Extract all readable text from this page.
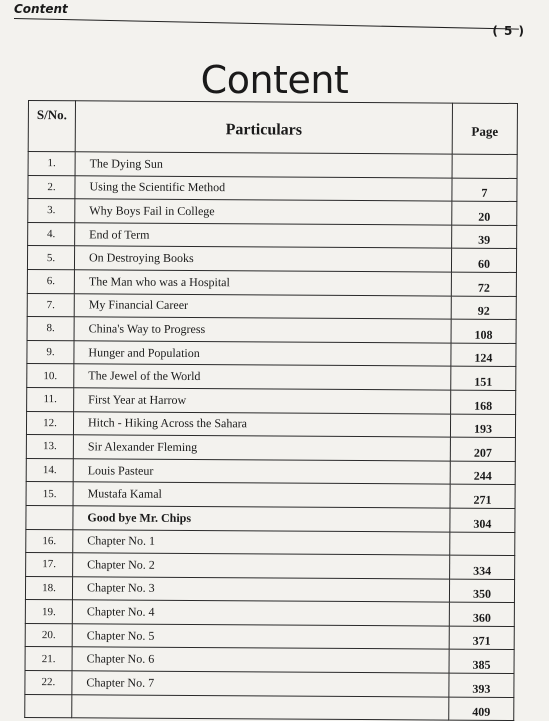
Content
( 5 )
Content
S/No.	Particulars	Page
1.	The Dying Sun	
2.	Using the Scientific Method	7
3.	Why Boys Fail in College	20
4.	End of Term	39
5.	On Destroying Books	60
6.	The Man who was a Hospital	72
7.	My Financial Career	92
8.	China's Way to Progress	108
9.	Hunger and Population	124
10.	The Jewel of the World	151
11.	First Year at Harrow	168
12.	Hitch - Hiking Across the Sahara	193
13.	Sir Alexander Fleming	207
14.	Louis Pasteur	244
15.	Mustafa Kamal	271
	Good bye Mr. Chips	304
16.	Chapter No. 1	
17.	Chapter No. 2	334
18.	Chapter No. 3	350
19.	Chapter No. 4	360
20.	Chapter No. 5	371
21.	Chapter No. 6	385
22.	Chapter No. 7	393
		409
